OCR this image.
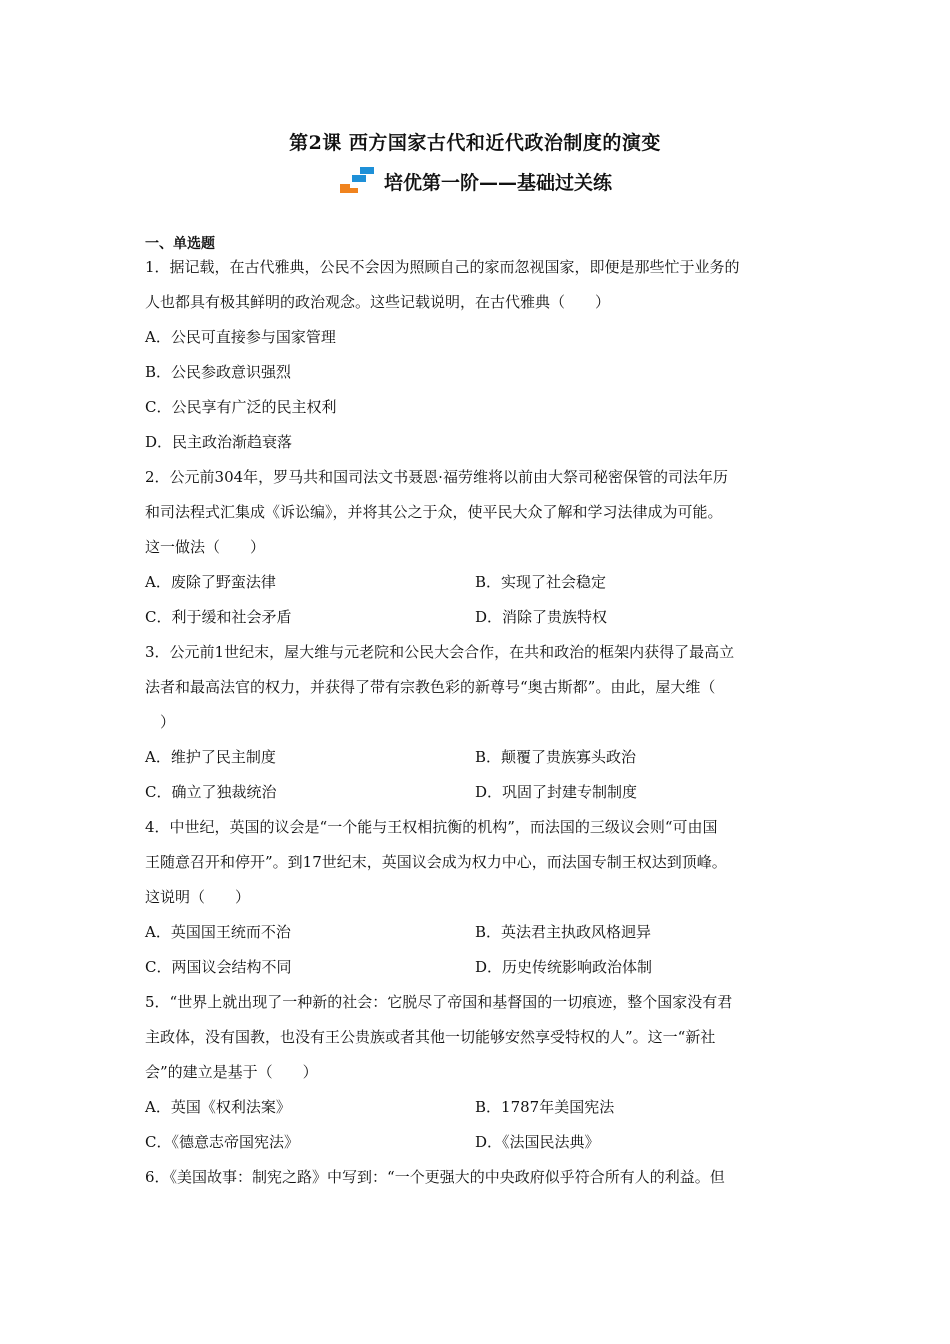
第2课 西方国家古代和近代政治制度的演变
培优第一阶——基础过关练
一、单选题
1．据记载，在古代雅典，公民不会因为照顾自己的家而忽视国家，即便是那些忙于业务的
人也都具有极其鲜明的政治观念。这些记载说明，在古代雅典（　　）
A．公民可直接参与国家管理
B．公民参政意识强烈
C．公民享有广泛的民主权利
D．民主政治渐趋衰落
2．公元前304年，罗马共和国司法文书聂恩·福劳维将以前由大祭司秘密保管的司法年历
和司法程式汇集成《诉讼编》，并将其公之于众，使平民大众了解和学习法律成为可能。
这一做法（　　）
A．废除了野蛮法律	B．实现了社会稳定
C．利于缓和社会矛盾	D．消除了贵族特权
3．公元前1世纪末，屋大维与元老院和公民大会合作，在共和政治的框架内获得了最高立
法者和最高法官的权力，并获得了带有宗教色彩的新尊号“奥古斯都”。由此，屋大维（
　）
A．维护了民主制度	B．颠覆了贵族寡头政治
C．确立了独裁统治	D．巩固了封建专制制度
4．中世纪，英国的议会是“一个能与王权相抗衡的机构”，而法国的三级议会则“可由国
王随意召开和停开”。到17世纪末，英国议会成为权力中心，而法国专制王权达到顶峰。
这说明（　　）
A．英国国王统而不治	B．英法君主执政风格迥异
C．两国议会结构不同	D．历史传统影响政治体制
5．“世界上就出现了一种新的社会：它脱尽了帝国和基督国的一切痕迹，整个国家没有君
主政体，没有国教，也没有王公贵族或者其他一切能够安然享受特权的人”。这一“新社
会”的建立是基于（　　）
A．英国《权利法案》	B．1787年美国宪法
C．《德意志帝国宪法》	D．《法国民法典》
6．《美国故事：制宪之路》中写到：“一个更强大的中央政府似乎符合所有人的利益。但
